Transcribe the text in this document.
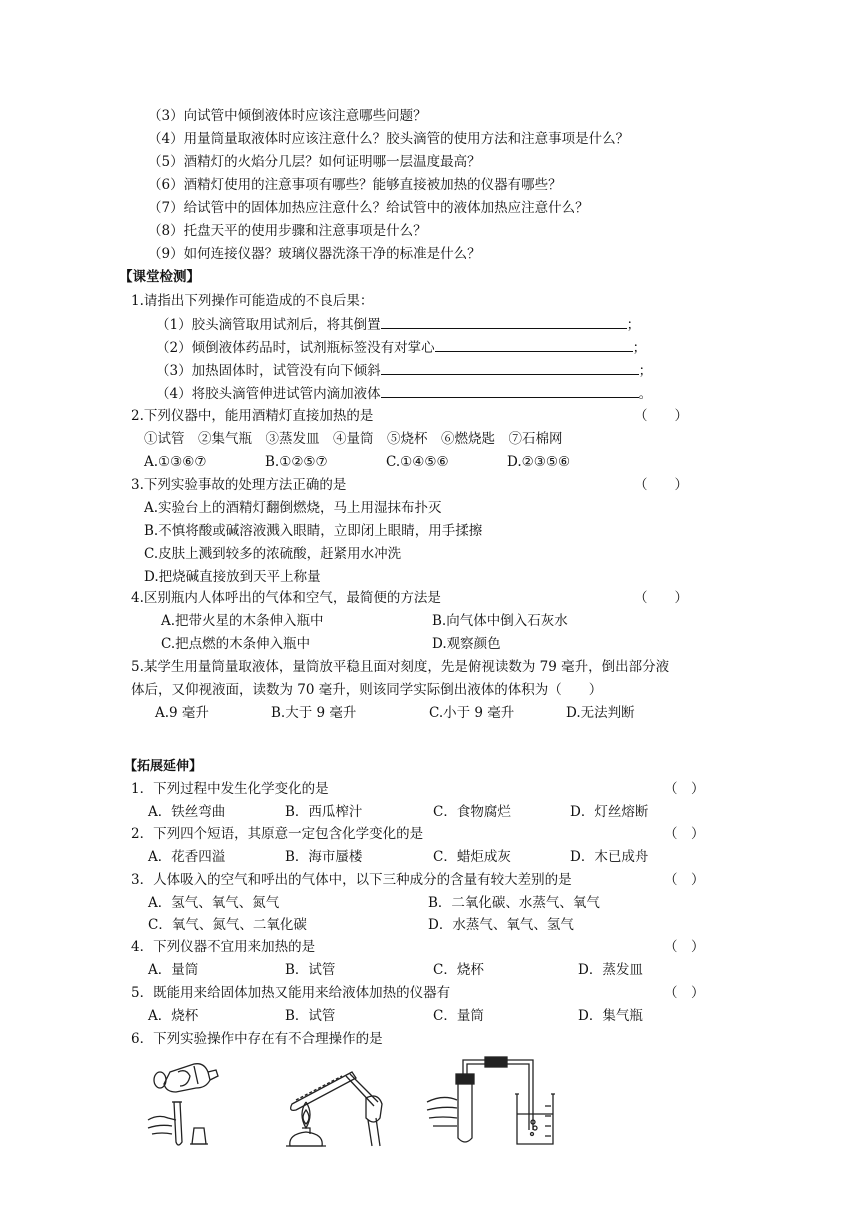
（3）向试管中倾倒液体时应该注意哪些问题？
（4）用量筒量取液体时应该注意什么？胶头滴管的使用方法和注意事项是什么？
（5）酒精灯的火焰分几层？如何证明哪一层温度最高？
（6）酒精灯使用的注意事项有哪些？能够直接被加热的仪器有哪些？
（7）给试管中的固体加热应注意什么？给试管中的液体加热应注意什么？
（8）托盘天平的使用步骤和注意事项是什么？
（9）如何连接仪器？玻璃仪器洗涤干净的标准是什么？
【课堂检测】
1.请指出下列操作可能造成的不良后果：
（1）胶头滴管取用试剂后，将其倒置	；
（2）倾倒液体药品时，试剂瓶标签没有对掌心	；
（3）加热固体时，试管没有向下倾斜	；
（4）将胶头滴管伸进试管内滴加液体	。
2.下列仪器中，能用酒精灯直接加热的是	（　　）
①试管　②集气瓶　③蒸发皿　④量筒　⑤烧杯　⑥燃烧匙　⑦石棉网
A.①③⑥⑦	B.①②⑤⑦	C.①④⑤⑥	D.②③⑤⑥
3.下列实验事故的处理方法正确的是	（　　）
A.实验台上的酒精灯翻倒燃烧，马上用湿抹布扑灭
B.不慎将酸或碱溶液溅入眼睛，立即闭上眼睛，用手揉擦
C.皮肤上溅到较多的浓硫酸，赶紧用水冲洗
D.把烧碱直接放到天平上称量
4.区别瓶内人体呼出的气体和空气，最简便的方法是	（　　）
A.把带火星的木条伸入瓶中	B.向气体中倒入石灰水
C.把点燃的木条伸入瓶中	D.观察颜色
5.某学生用量筒量取液体，量筒放平稳且面对刻度，先是俯视读数为 79 毫升，倒出部分液
体后，又仰视液面，读数为 70 毫升，则该同学实际倒出液体的体积为（　　）
A.9 毫升	B.大于 9 毫升	C.小于 9 毫升	D.无法判断
【拓展延伸】
1．下列过程中发生化学变化的是	（　）
A．铁丝弯曲	B．西瓜榨汁	C．食物腐烂	D．灯丝熔断
2．下列四个短语，其原意一定包含化学变化的是	（　）
A．花香四溢	B．海市蜃楼	C．蜡炬成灰	D．木已成舟
3．人体吸入的空气和呼出的气体中，以下三种成分的含量有较大差别的是	（　）
A．氢气、氧气、氮气	B．二氧化碳、水蒸气、氧气
C．氧气、氮气、二氧化碳	D．水蒸气、氧气、氢气
4．下列仪器不宜用来加热的是	（　）
A．量筒	B．试管	C．烧杯	D．蒸发皿
5．既能用来给固体加热又能用来给液体加热的仪器有	（　）
A．烧杯	B．试管	C．量筒	D．集气瓶
6．下列实验操作中存在有不合理操作的是
